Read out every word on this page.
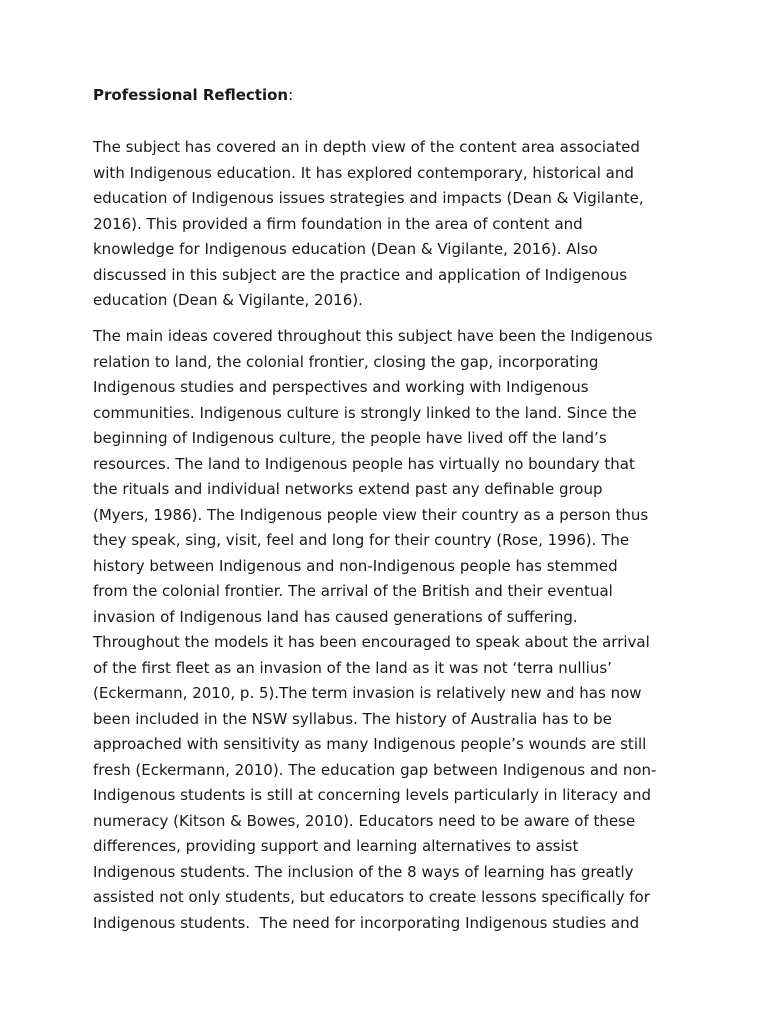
Professional Reflection:
The subject has covered an in depth view of the content area associated
with Indigenous education. It has explored contemporary, historical and
education of Indigenous issues strategies and impacts (Dean & Vigilante,
2016). This provided a firm foundation in the area of content and
knowledge for Indigenous education (Dean & Vigilante, 2016). Also
discussed in this subject are the practice and application of Indigenous
education (Dean & Vigilante, 2016).
The main ideas covered throughout this subject have been the Indigenous
relation to land, the colonial frontier, closing the gap, incorporating
Indigenous studies and perspectives and working with Indigenous
communities. Indigenous culture is strongly linked to the land. Since the
beginning of Indigenous culture, the people have lived off the land’s
resources. The land to Indigenous people has virtually no boundary that
the rituals and individual networks extend past any definable group
(Myers, 1986). The Indigenous people view their country as a person thus
they speak, sing, visit, feel and long for their country (Rose, 1996). The
history between Indigenous and non-Indigenous people has stemmed
from the colonial frontier. The arrival of the British and their eventual
invasion of Indigenous land has caused generations of suffering.
Throughout the models it has been encouraged to speak about the arrival
of the first fleet as an invasion of the land as it was not ‘terra nullius’
(Eckermann, 2010, p. 5).The term invasion is relatively new and has now
been included in the NSW syllabus. The history of Australia has to be
approached with sensitivity as many Indigenous people’s wounds are still
fresh (Eckermann, 2010). The education gap between Indigenous and non-
Indigenous students is still at concerning levels particularly in literacy and
numeracy (Kitson & Bowes, 2010). Educators need to be aware of these
differences, providing support and learning alternatives to assist
Indigenous students. The inclusion of the 8 ways of learning has greatly
assisted not only students, but educators to create lessons specifically for
Indigenous students.  The need for incorporating Indigenous studies and
